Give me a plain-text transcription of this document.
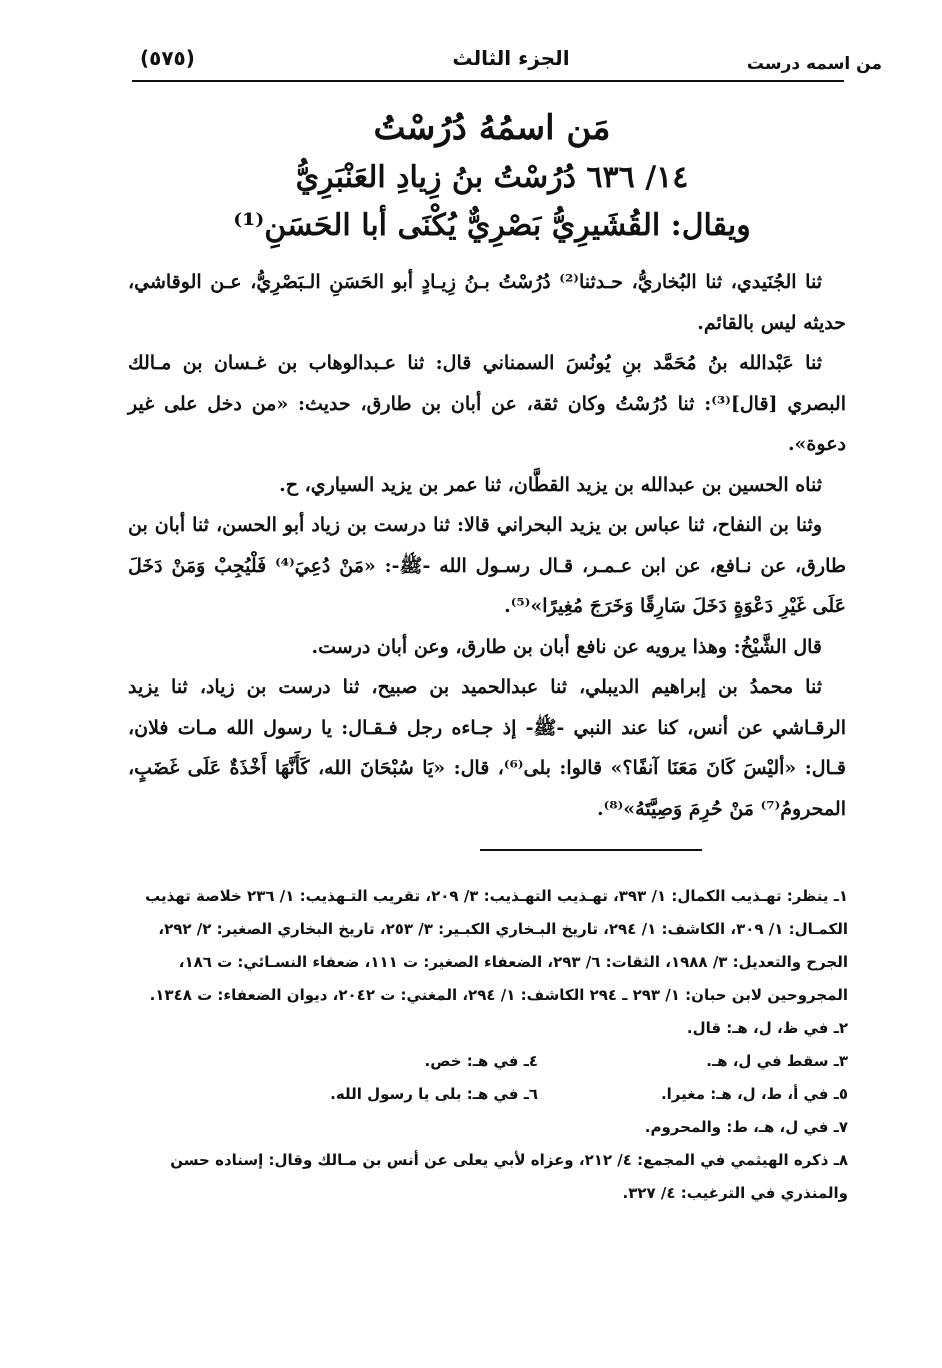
من اسمه درست
الجزء الثالث
(٥٧٥)
مَن اسمُهُ دُرُسْتُ
١٤/ ٦٣٦ دُرُسْتُ بنُ زِيادِ العَنْبَرِيُّ
ويقال: القُشَيرِيُّ بَصْرِيٌّ يُكْنَى أبا الحَسَنِ⁽¹⁾

ثنا الجُنَيدي، ثنا البُخاريُّ، حـدثنا⁽²⁾ دُرُسْتُ بـنُ زِيـادٍ أبو الحَسَنِ الـبَصْرِيُّ، عـن الوقاشي، حديثه ليس بالقائم.

ثنا عَبْدالله بنُ مُحَمَّد بنِ يُونُسَ السمناني قال: ثنا عـبدالوهاب بن غـسان بن مـالك البصري [قال]⁽³⁾: ثنا دُرُسْتُ وكان ثقة، عن أبان بن طارق، حديث: «من دخل على غير دعوة».

ثناه الحسين بن عبدالله بن يزيد القطَّان، ثنا عمر بن يزيد السياري، ح.

وثنا بن النفاح، ثنا عباس بن يزيد البحراني قالا: ثنا درست بن زياد أبو الحسن، ثنا أبان بن طارق، عن نـافع، عن ابن عـمـر، قـال رسـول الله -ﷺ-: «مَنْ دُعِيَ⁽⁴⁾ فَلْيُجِبْ وَمَنْ دَخَلَ عَلَى غَيْرِ دَعْوَةٍ دَخَلَ سَارِقًا وَخَرَجَ مُغِيرًا»⁽⁵⁾.

قال الشَّيْخُ: وهذا يرويه عن نافع أبان بن طارق، وعن أبان درست.

ثنا محمدُ بن إبراهيم الديبلي، ثنا عبدالحميد بن صبيح، ثنا درست بن زياد، ثنا يزيد الرقـاشي عن أنس، كنا عند النبي -ﷺ- إذ جـاءه رجل فـقـال: يا رسول الله مـات فلان، قـال: «أليْسَ كَانَ مَعَنَا آنفًا؟» قالوا: بلى⁽⁶⁾، قال: «يَا سُبْحَانَ الله، كَأَنَّهَا أَخْذَةٌ عَلَى غَضَبٍ، المحرومُ⁽⁷⁾ مَنْ حُرِمَ وَصِيَّتَهُ»⁽⁸⁾.

١ـ ينظر: تهـذيب الكمال: ١/ ٣٩٣، تهـذيب التهـذيب: ٣/ ٢٠٩، تقريب التـهذيب: ١/ ٢٣٦ خلاصة تهذيب الكمـال: ١/ ٣٠٩، الكاشف: ١/ ٢٩٤، تاريخ البـخاري الكبـير: ٣/ ٢٥٣، تاريخ البخاري الصغير: ٢/ ٢٩٢، الجرح والتعديل: ٣/ ١٩٨٨، الثقات: ٦/ ٢٩٣، الضعفاء الصغير: ت ١١١، ضعفاء النسـائي: ت ١٨٦، المجروحين لابن حبان: ١/ ٢٩٣ ـ ٢٩٤ الكاشف: ١/ ٢٩٤، المغني: ت ٢٠٤٢، ديوان الضعفاء: ت ١٣٤٨.

٢ـ في ظ، ل، هـ: قال.

٣ـ سقط في ل، هـ.
٤ـ في هـ: خص.
٥ـ في أ، ط، ل، هـ: مغيرا.
٦ـ في هـ: بلى يا رسول الله.

٧ـ في ل، هـ، ط: والمحروم.

٨ـ ذكره الهيثمي في المجمع: ٤/ ٢١٢، وعزاه لأبي يعلى عن أنس بن مـالك وقال: إسناده حسن والمنذري في الترغيب: ٤/ ٣٢٧.
